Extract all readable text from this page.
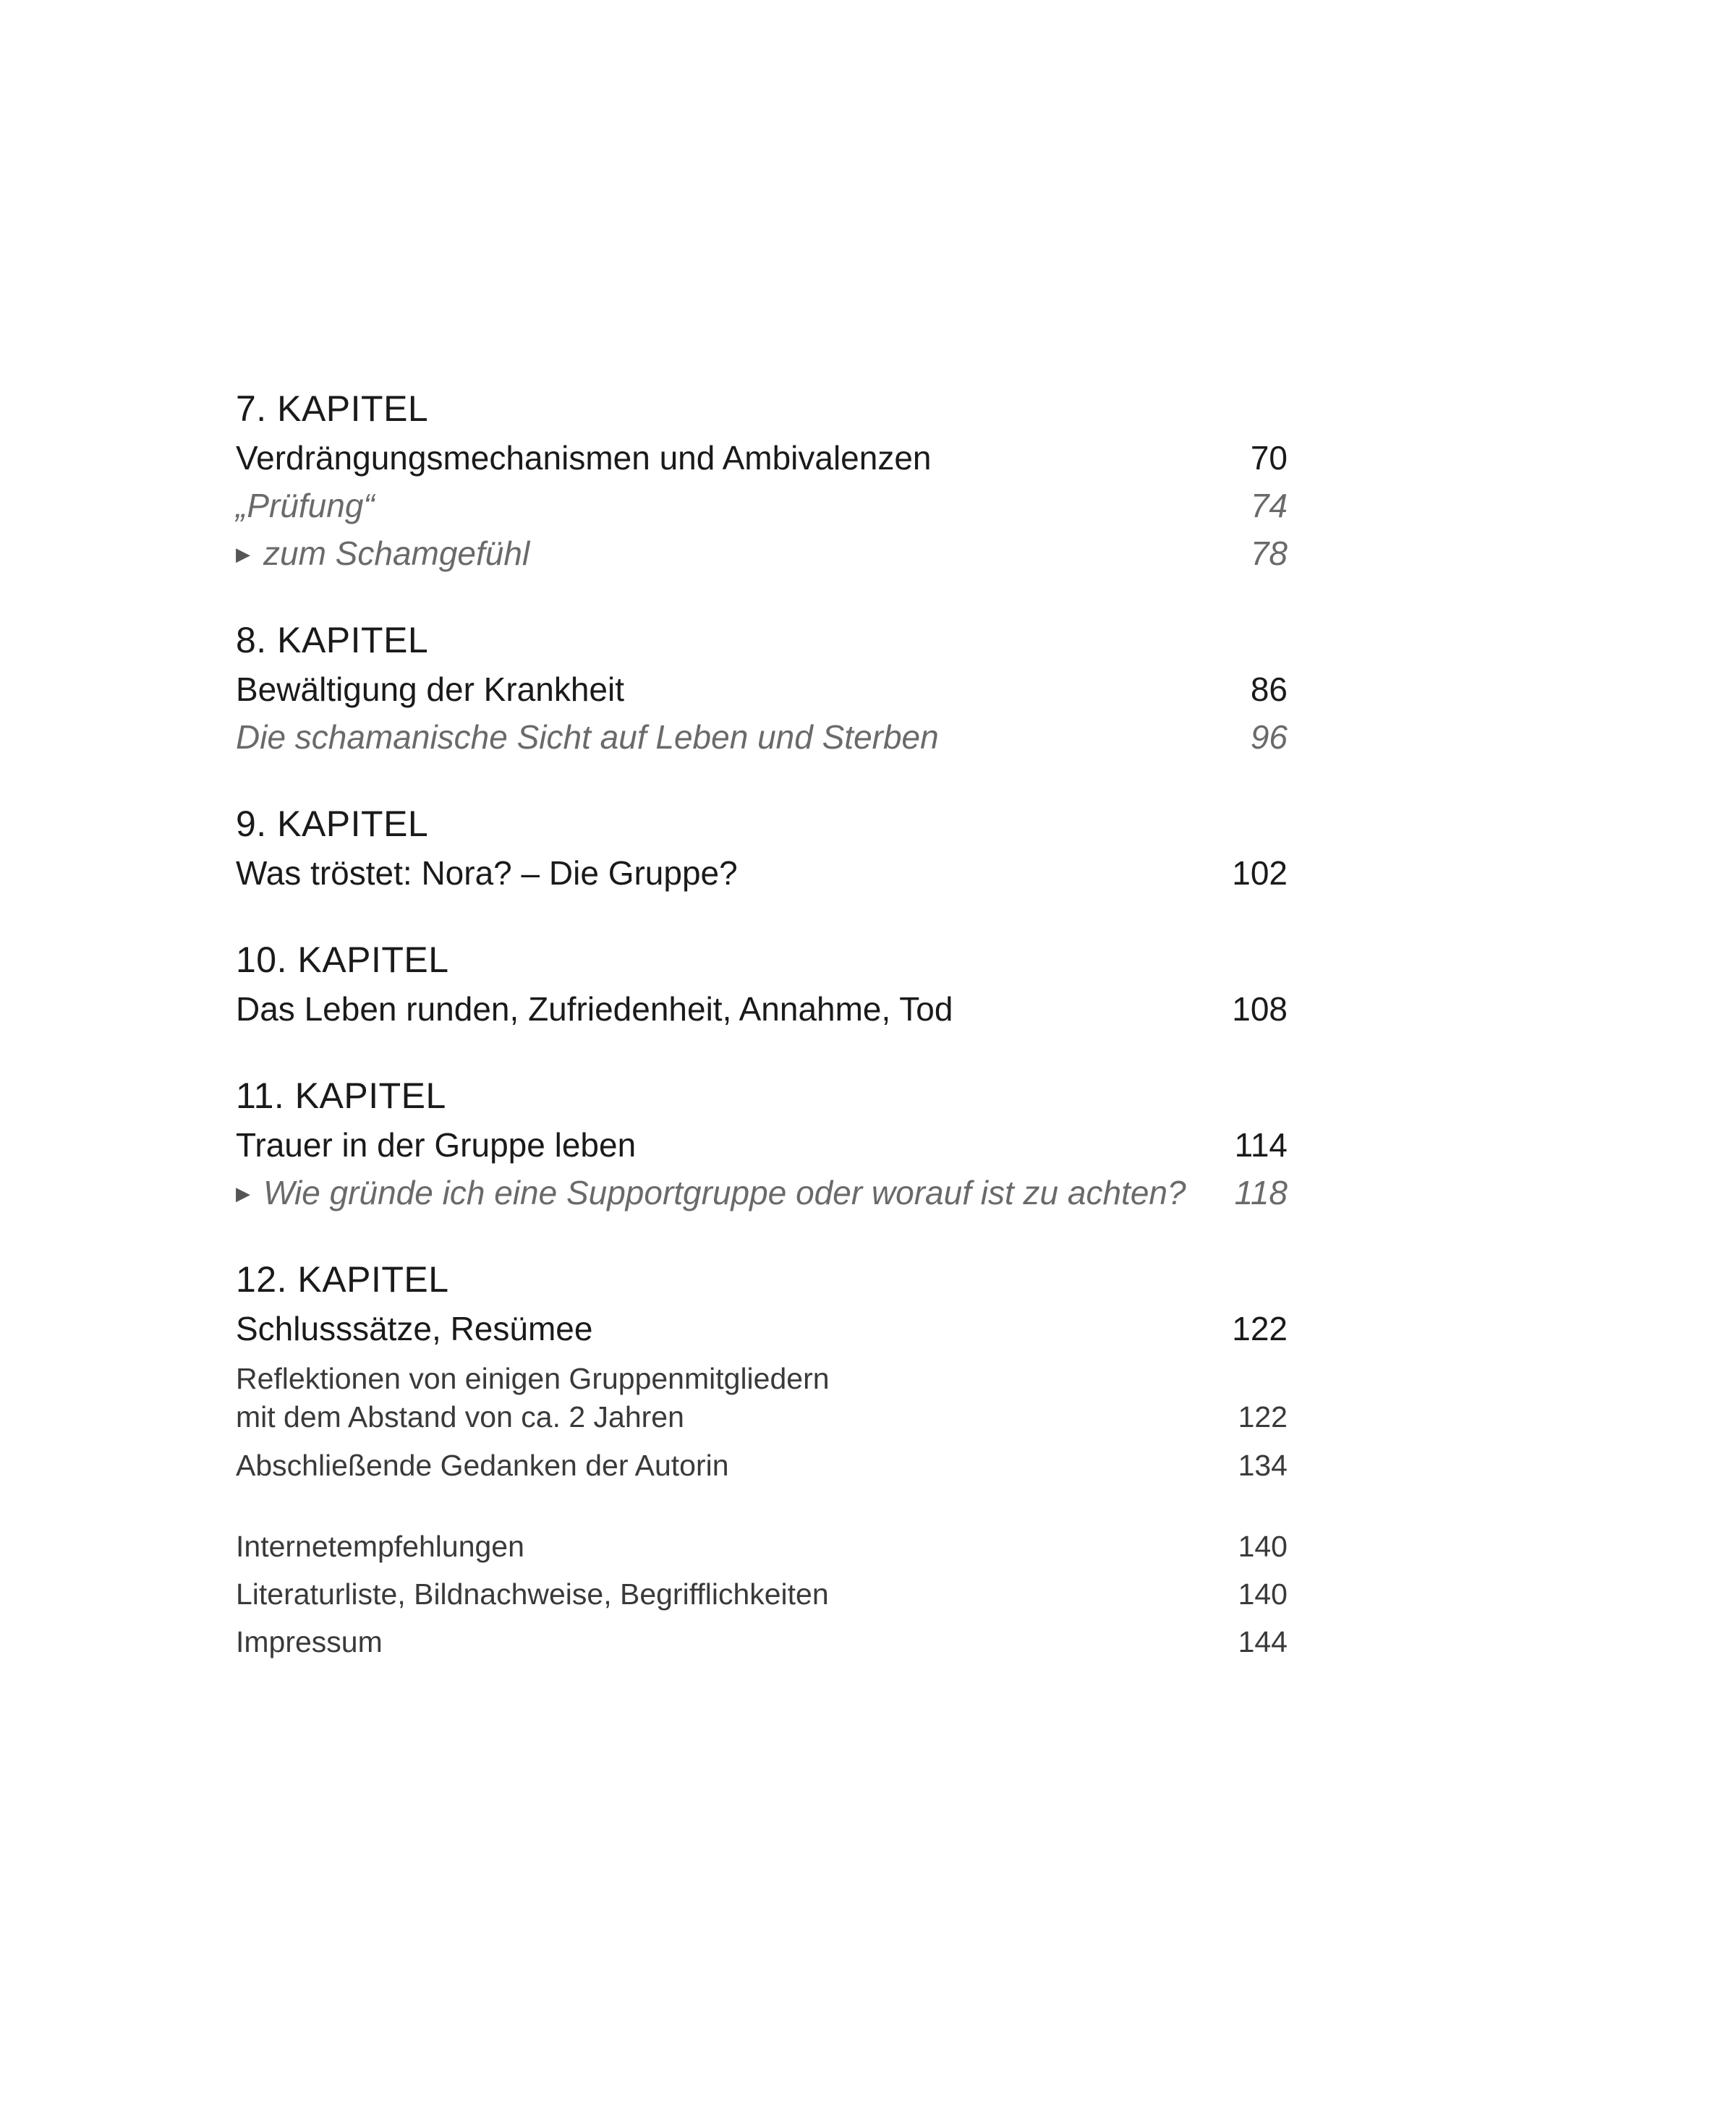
7. KAPITEL
Verdrängungsmechanismen und Ambivalenzen	70
„Prüfung“	74
▶ zum Schamgefühl	78
8. KAPITEL
Bewältigung der Krankheit	86
Die schamanische Sicht auf Leben und Sterben	96
9. KAPITEL
Was tröstet: Nora? – Die Gruppe?	102
10. KAPITEL
Das Leben runden, Zufriedenheit, Annahme, Tod	108
11. KAPITEL
Trauer in der Gruppe leben	114
▶ Wie gründe ich eine Supportgruppe oder worauf ist zu achten? 118
12. KAPITEL
Schlusssätze, Resümee	122
Reflektionen von einigen Gruppenmitgliedern
mit dem Abstand von ca. 2 Jahren	122
Abschließende Gedanken der Autorin	134
Internetempfehlungen	140
Literaturliste, Bildnachweise, Begrifflichkeiten	140
Impressum	144
